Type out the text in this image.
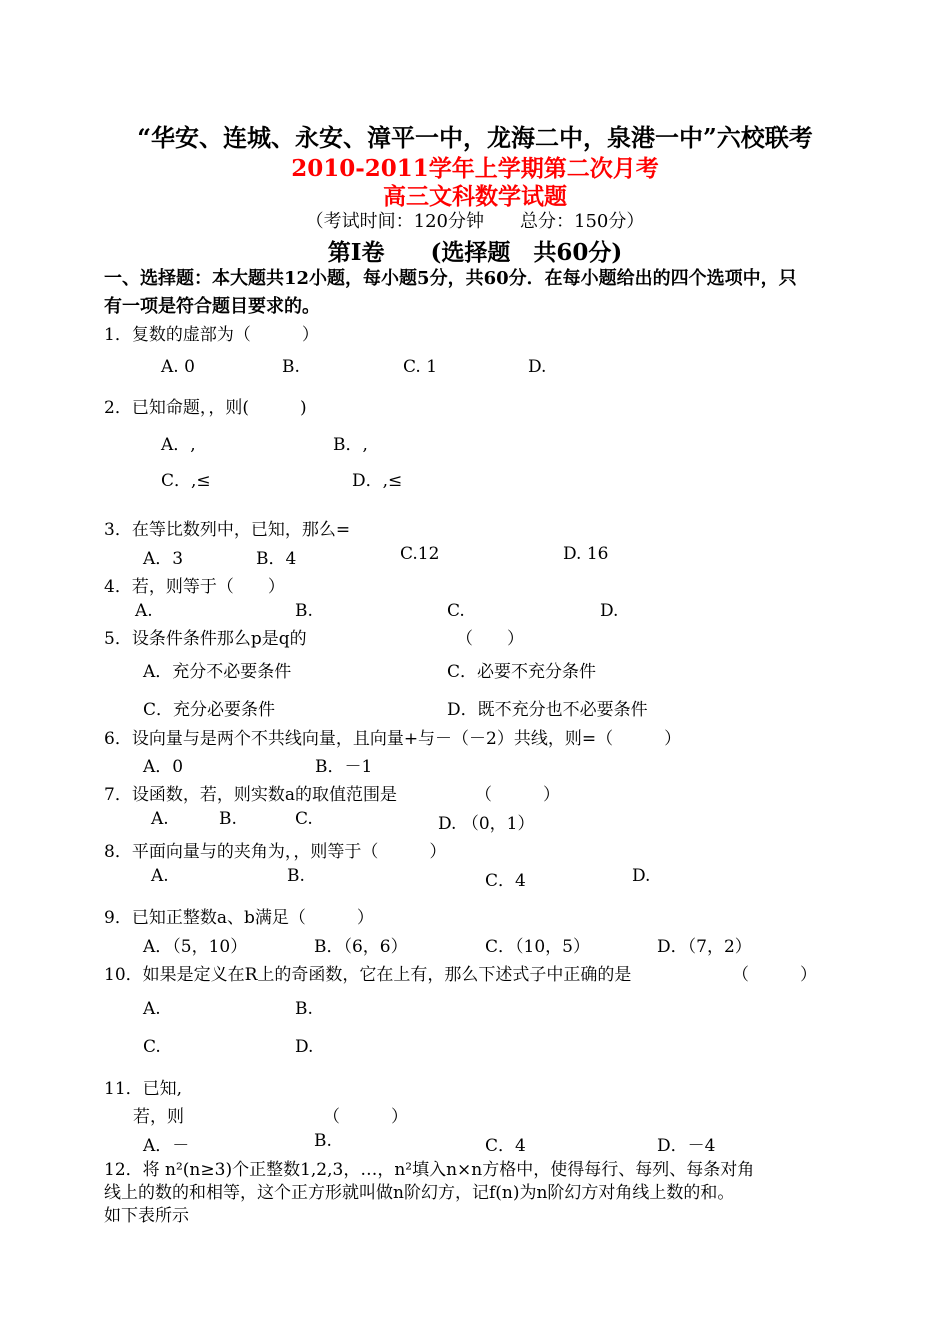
“华安、连城、永安、漳平一中，龙海二中，泉港一中”六校联考
2010-2011学年上学期第二次月考
高三文科数学试题
（考试时间：120分钟　　总分：150分）
第Ⅰ卷　　(选择题　共60分)
一、选择题：本大题共12小题，每小题5分，共60分．在每小题给出的四个选项中，只
有一项是符合题目要求的。
1．复数的虚部为（　　　）
A. 0	B.	C. 1	D.
2．已知命题，，则(　　　)
A．,	B．,
C．,≤	D．,≤
3．在等比数列中，已知，那么=
A．3	B．4	C.12	D. 16
4．若，则等于（　　）
A.	B.	C.	D.
5．设条件条件那么p是q的	（　　）
A．充分不必要条件	C．必要不充分条件
C．充分必要条件	D．既不充分也不必要条件
6．设向量与是两个不共线向量，且向量+与－（－2）共线，则=（　　　）
A．0	B．－1
7．设函数，若，则实数a的取值范围是	（　　　）
A.	B.	C.	D. （0，1）
8．平面向量与的夹角为，，则等于（　　　）
A.	B.	C．4	D.
9．已知正整数a、b满足（　　　）
A．（5，10）	B．（6，6）	C．（10，5）	D．（7，2）
10．如果是定义在R上的奇函数，它在上有，那么下述式子中正确的是	（　　　）
A.	B.
C.	D.
11．已知,
若，则	（　　　）
A．－	B.	C．4	D．－4
12．将 n²(n≥3)个正整数1,2,3，…，n²填入n×n方格中，使得每行、每列、每条对角
线上的数的和相等，这个正方形就叫做n阶幻方，记f(n)为n阶幻方对角线上数的和。
如下表所示
